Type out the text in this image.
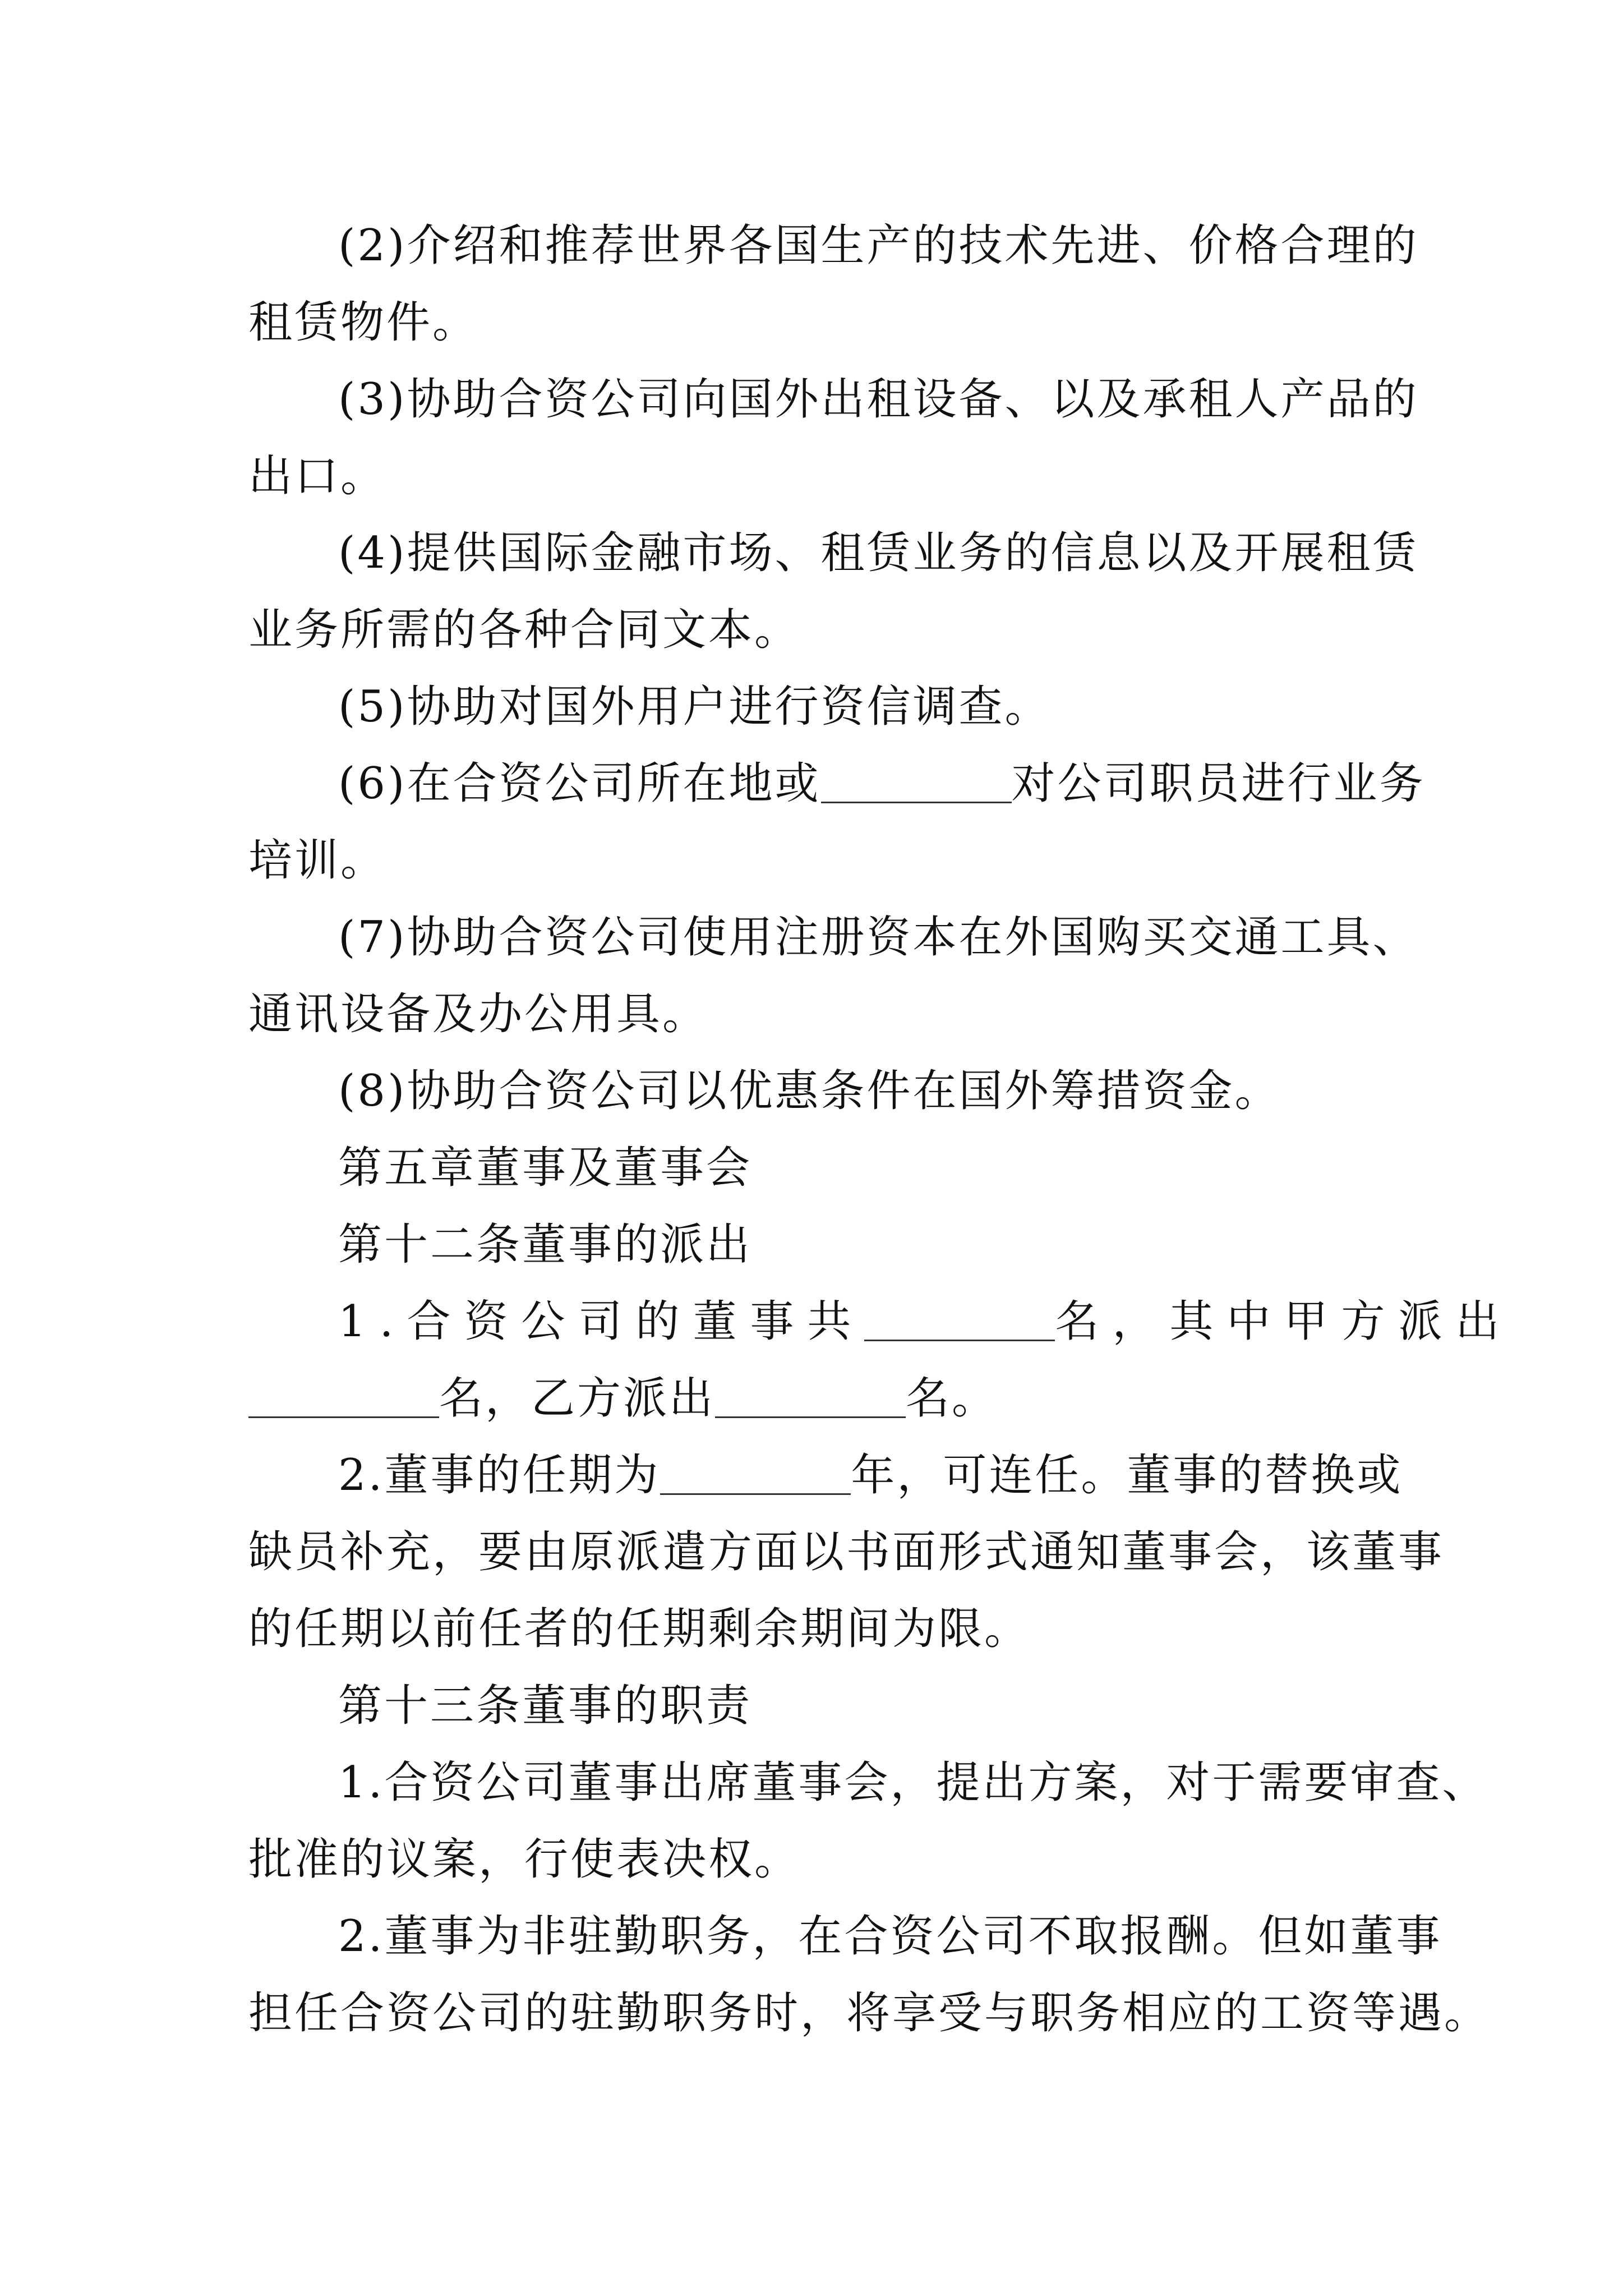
(2)介绍和推荐世界各国生产的技术先进、价格合理的
租赁物件。
(3)协助合资公司向国外出租设备、以及承租人产品的
出口。
(4)提供国际金融市场、租赁业务的信息以及开展租赁
业务所需的各种合同文本。
(5)协助对国外用户进行资信调查。
(6)在合资公司所在地或	对公司职员进行业务
培训。
(7)协助合资公司使用注册资本在外国购买交通工具、
通讯设备及办公用具。
(8)协助合资公司以优惠条件在国外筹措资金。
第五章董事及董事会
第十二条董事的派出
1.合资公司的董事共	名，其中甲方派出
名，乙方派出	名。
2.董事的任期为	年，可连任。董事的替换或
缺员补充，要由原派遣方面以书面形式通知董事会，该董事
的任期以前任者的任期剩余期间为限。
第十三条董事的职责
1.合资公司董事出席董事会，提出方案，对于需要审查、
批准的议案，行使表决权。
2.董事为非驻勤职务，在合资公司不取报酬。但如董事
担任合资公司的驻勤职务时，将享受与职务相应的工资等遇。
